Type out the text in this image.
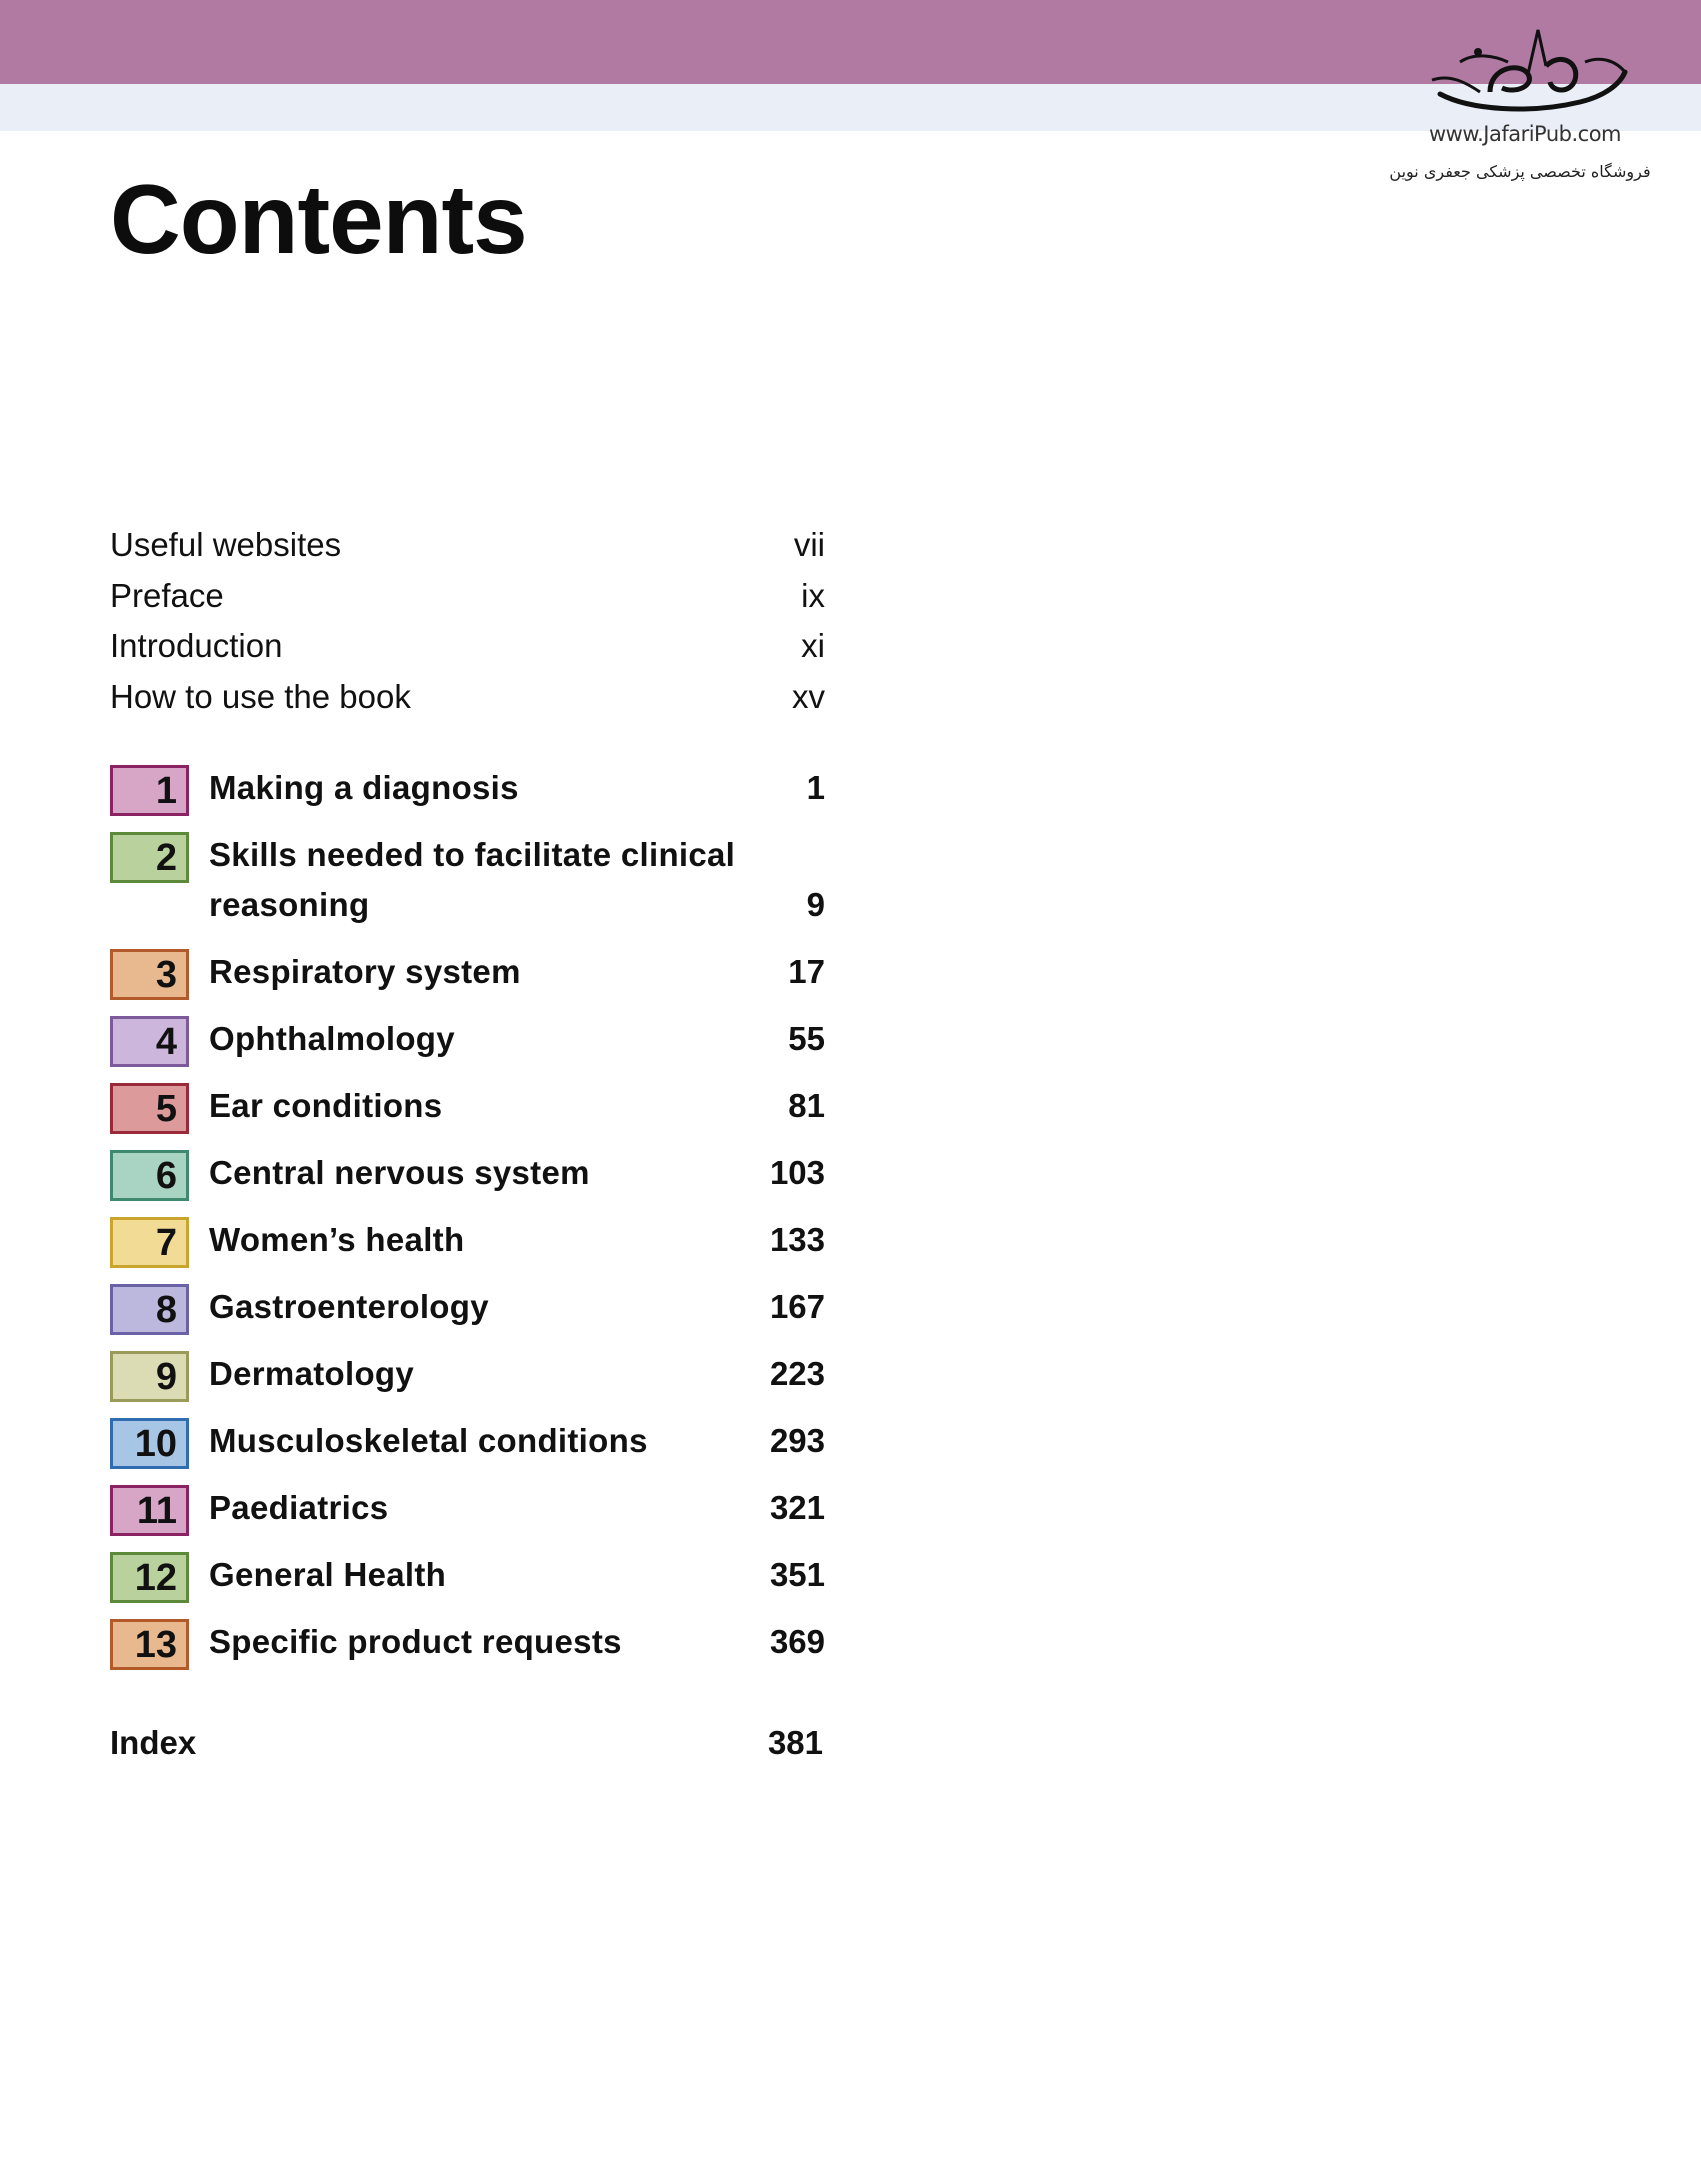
www.JafariPub.com
فروشگاه تخصصی پزشکی جعفری نوین
Contents
Useful websites	vii
Preface	ix
Introduction	xi
How to use the book	xv
1 Making a diagnosis	1
2 Skills needed to facilitate clinical reasoning	9
3 Respiratory system	17
4 Ophthalmology	55
5 Ear conditions	81
6 Central nervous system	103
7 Women’s health	133
8 Gastroenterology	167
9 Dermatology	223
10 Musculoskeletal conditions	293
11 Paediatrics	321
12 General Health	351
13 Specific product requests	369
Index	381
